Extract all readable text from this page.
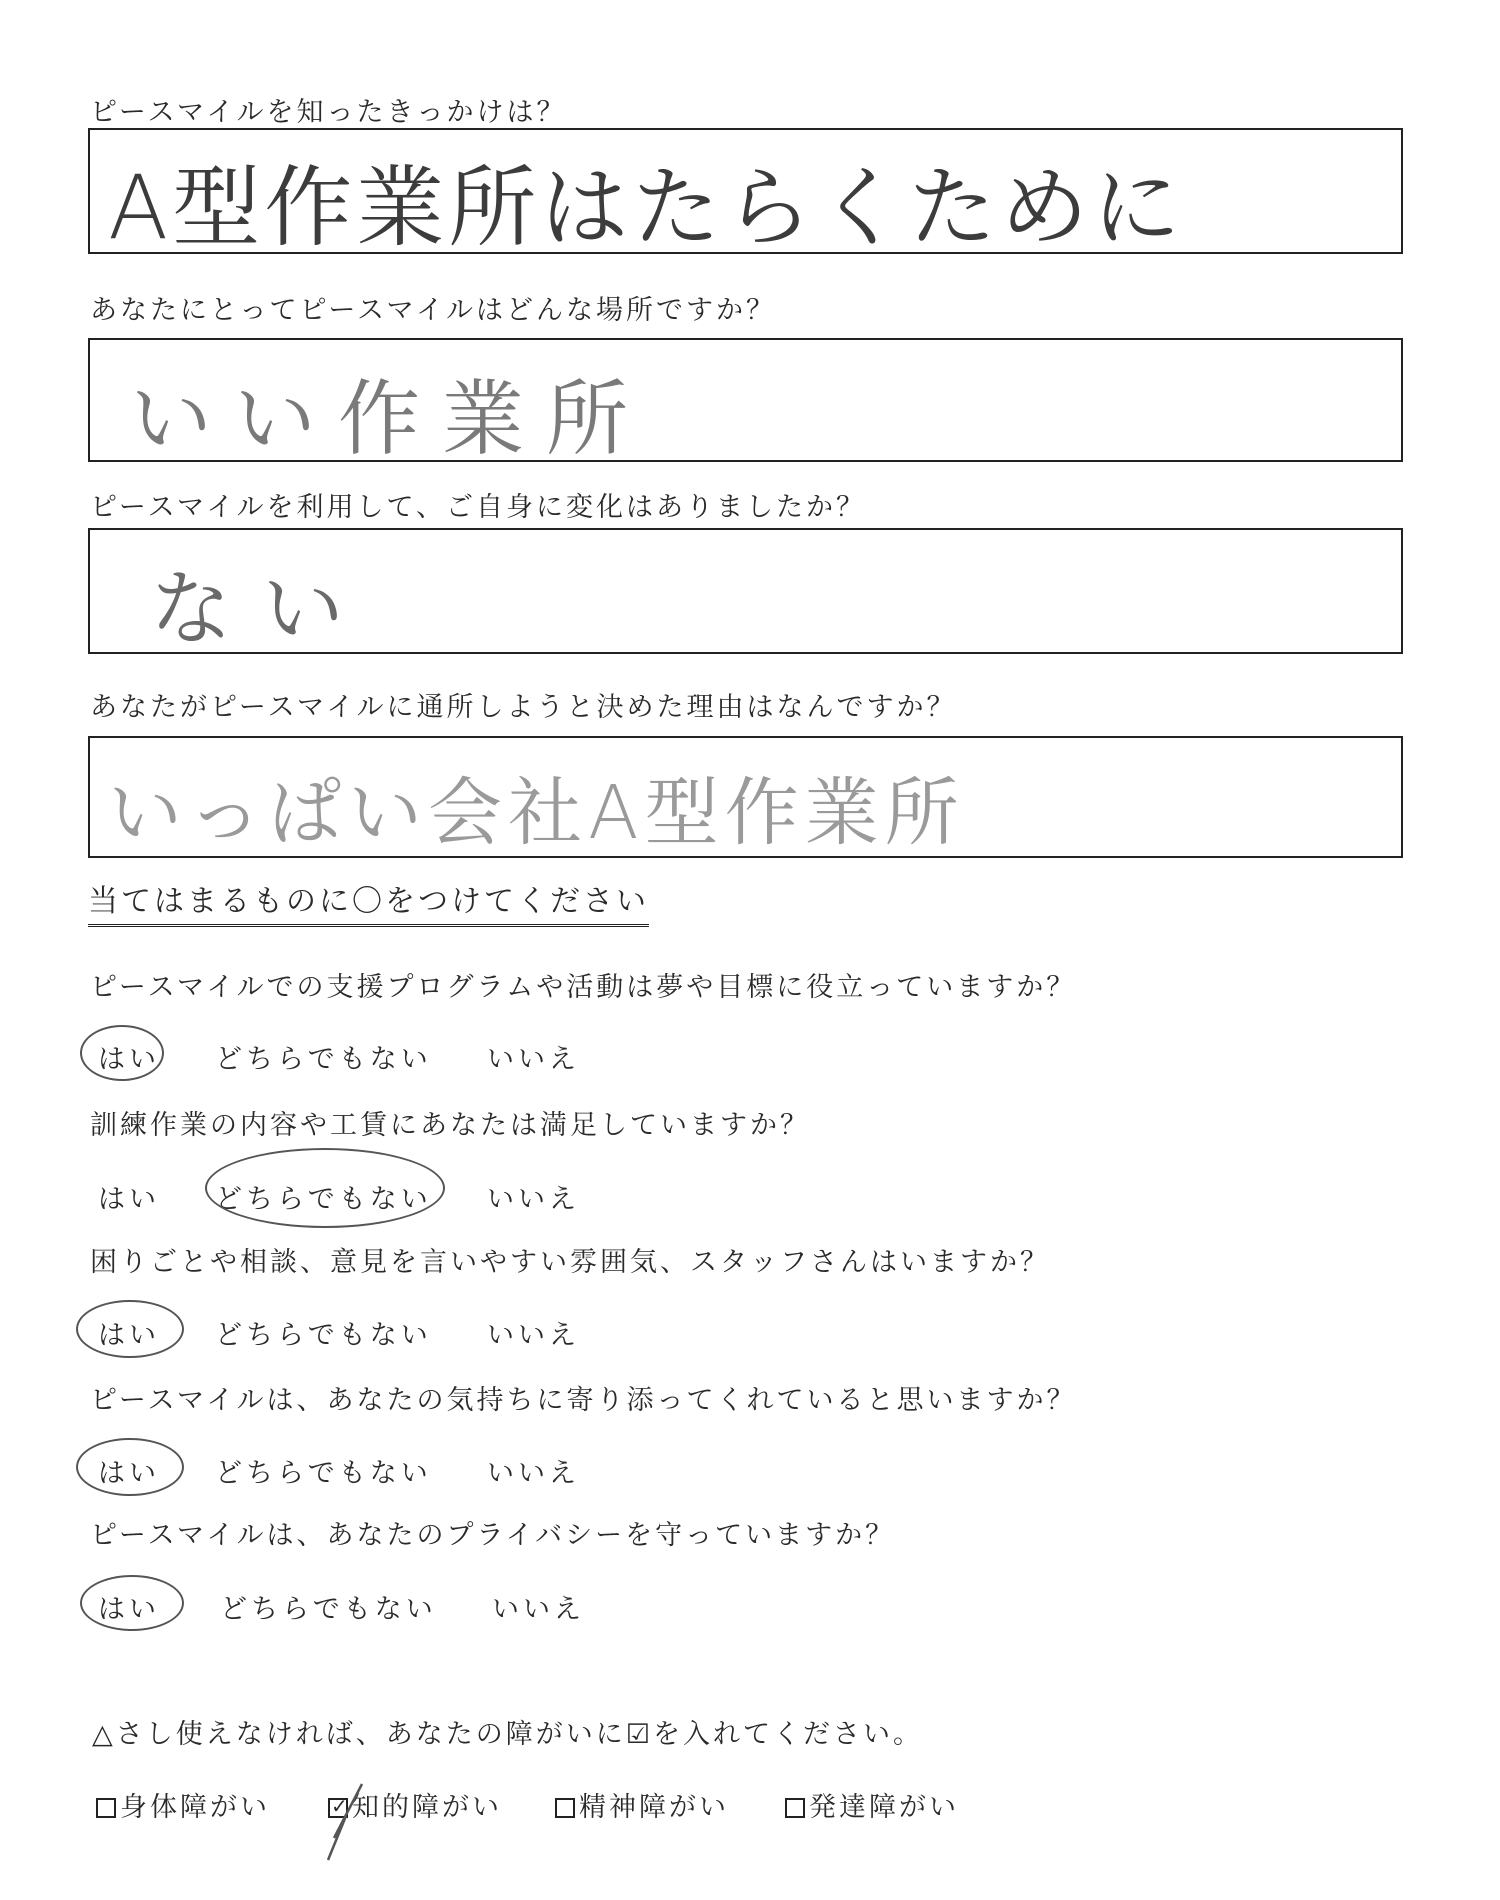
ピースマイルを知ったきっかけは？
A型作業所はたらくために
あなたにとってピースマイルはどんな場所ですか？
いい作業所
ピースマイルを利用して、ご自身に変化はありましたか？
ない
あなたがピースマイルに通所しようと決めた理由はなんですか？
いっぱい会社A型作業所
当てはまるものに〇をつけてください
ピースマイルでの支援プログラムや活動は夢や目標に役立っていますか？
はい どちらでもない いいえ
訓練作業の内容や工賃にあなたは満足していますか？
はい どちらでもない いいえ
困りごとや相談、意見を言いやすい雰囲気、スタッフさんはいますか？
はい どちらでもない いいえ
ピースマイルは、あなたの気持ちに寄り添ってくれていると思いますか？
はい どちらでもない いいえ
ピースマイルは、あなたのプライバシーを守っていますか？
はい どちらでもない いいえ
△さし使えなければ、あなたの障がいに☑を入れてください。
身体障がい
✓	知的障がい	精神障がい	発達障がい
